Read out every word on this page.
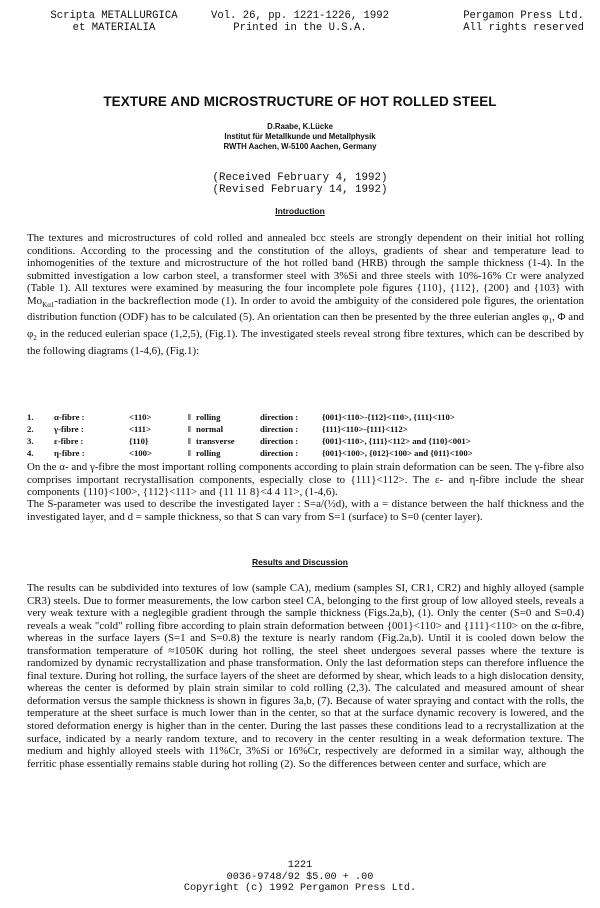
Scripta METALLURGICA
et MATERIALIA
Vol. 26, pp. 1221-1226, 1992
Printed in the U.S.A.
Pergamon Press Ltd.
All rights reserved
TEXTURE AND MICROSTRUCTURE OF HOT ROLLED STEEL
D.Raabe, K.Lücke
Institut für Metallkunde und Metallphysik
RWTH Aachen, W-5100 Aachen, Germany
(Received February 4, 1992)
(Revised February 14, 1992)
Introduction

The textures and microstructures of cold rolled and annealed bcc steels are strongly dependent on their initial hot rolling conditions. According to the processing and the constitution of the alloys, gradients of shear and temperature lead to inhomogenities of the texture and microstructure of the hot rolled band (HRB) through the sample thickness (1-4). In the submitted investigation a low carbon steel, a transformer steel with 3%Si and three steels with 10%-16% Cr were analyzed (Table 1). All textures were examined by measuring the four incomplete pole figures {110}, {112}, {200} and {103} with $Mo_{K\alpha 1}$-radiation in the backreflection mode (1). In order to avoid the ambiguity of the considered pole figures, the orientation distribution function (ODF) has to be calculated (5). An orientation can then be presented by the three eulerian angles $\varphi_1$, Φ and $\varphi_2$ in the reduced eulerian space (1,2,5), (Fig.1). The investigated steels reveal strong fibre textures, which can be described by the following diagrams (1-4,6), (Fig.1):

1. α-fibre :	<110>	‖ rolling	direction :	{001}<110>-{112}<110>, {111}<110>
2. γ-fibre :	<111>	‖ normal	direction :	{111}<110>-{111}<112>
3. ε-fibre :	{110}	‖ transverse	direction :	{001}<110>, {111}<112> and {110}<001>
4. η-fibre :	<100>	‖ rolling	direction :	{001}<100>, {012}<100> and {011}<100>

On the α- and γ-fibre the most important rolling components according to plain strain deformation can be seen. The γ-fibre also comprises important recrystallisation components, especially close to {111}<112>. The ε- and η-fibre include the shear components {110}<100>, {112}<111> and {11 11 8}<4 4 11>, (1-4,6).

The S-parameter was used to describe the investigated layer : S=a/(½d), with a = distance between the half thickness and the investigated layer, and d = sample thickness, so that S can vary from S=1 (surface) to S=0 (center layer).

Results and Discussion

The results can be subdivided into textures of low (sample CA), medium (samples SI, CR1, CR2) and highly alloyed (sample CR3) steels. Due to former measurements, the low carbon steel CA, belonging to the first group of low alloyed steels, reveals a very weak texture with a neglegible gradient through the sample thickness (Figs.2a,b), (1). Only the center (S=0 and S=0.4) reveals a weak "cold" rolling fibre according to plain strain deformation between {001}<110> and {111}<110> on the α-fibre, whereas in the surface layers (S=1 and S=0.8) the texture is nearly random (Fig.2a,b). Until it is cooled down below the transformation temperature of ≈1050K during hot rolling, the steel sheet undergoes several passes where the texture is randomized by dynamic recrystallization and phase transformation. Only the last deformation steps can therefore influence the final texture. During hot rolling, the surface layers of the sheet are deformed by shear, which leads to a high dislocation density, whereas the center is deformed by plain strain similar to cold rolling (2,3). The calculated and measured amount of shear deformation versus the sample thickness is shown in figures 3a,b, (7). Because of water spraying and contact with the rolls, the temperature at the sheet surface is much lower than in the center, so that at the surface dynamic recovery is lowered, and the stored deformation energy is higher than in the center. During the last passes these conditions lead to a recrystallization at the surface, indicated by a nearly random texture, and to recovery in the center resulting in a weak deformation texture. The medium and highly alloyed steels with 11%Cr, 3%Si or 16%Cr, respectively are deformed in a similar way, although the ferritic phase essentially remains stable during hot rolling (2). So the differences between center and surface, which are

1221
0036-9748/92 $5.00 + .00
Copyright (c) 1992 Pergamon Press Ltd.
